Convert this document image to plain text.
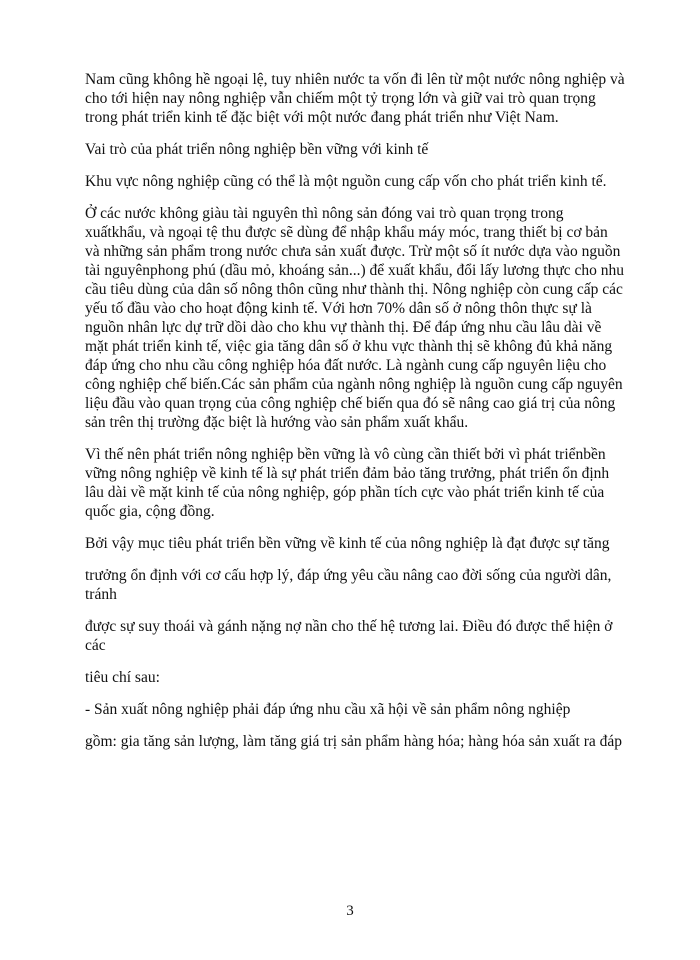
Nam cũng không hề ngoại lệ, tuy nhiên nước ta vốn đi lên từ một nước nông nghiệp và cho tới hiện nay nông nghiệp vẫn chiếm một tỷ trọng lớn và giữ vai trò quan trọng trong phát triển kinh tế đặc biệt với một nước đang phát triển như Việt Nam.

Vai trò của phát triển nông nghiệp bền vững với kinh tế

Khu vực nông nghiệp cũng có thể là một nguồn cung cấp vốn cho phát triển kinh tế.

Ở các nước không giàu tài nguyên thì nông sản đóng vai trò quan trọng trong xuấtkhẩu, và ngoại tệ thu được sẽ dùng để nhập khẩu máy móc, trang thiết bị cơ bản và những sản phẩm trong nước chưa sản xuất được. Trừ một số ít nước dựa vào nguồn tài nguyênphong phú (dầu mỏ, khoáng sản...) để xuất khẩu, đổi lấy lương thực cho nhu cầu tiêu dùng của dân số nông thôn cũng như thành thị. Nông nghiệp còn cung cấp các yếu tố đầu vào cho hoạt động kinh tế. Với hơn 70% dân số ở nông thôn thực sự là nguồn nhân lực dự trữ dồi dào cho khu vự thành thị. Để đáp ứng nhu cầu lâu dài về mặt phát triển kinh tế, việc gia tăng dân số ở khu vực thành thị sẽ không đủ khả năng đáp ứng cho nhu cầu công nghiệp hóa đất nước. Là ngành cung cấp nguyên liệu cho công nghiệp chế biến.Các sản phẩm của ngành nông nghiệp là nguồn cung cấp nguyên liệu đầu vào quan trọng của công nghiệp chế biến qua đó sẽ nâng cao giá trị của nông sản trên thị trường đặc biệt là hướng vào sản phẩm xuất khẩu.

Vì thế nên phát triển nông nghiệp bền vững là vô cùng cần thiết bởi vì phát triểnbền vững nông nghiệp về kinh tế là sự phát triển đảm bảo tăng trưởng, phát triển ổn định lâu dài về mặt kinh tế của nông nghiệp, góp phần tích cực vào phát triển kinh tế của quốc gia, cộng đồng.

Bởi vậy mục tiêu phát triển bền vững về kinh tế của nông nghiệp là đạt được sự tăng

trưởng ổn định với cơ cấu hợp lý, đáp ứng yêu cầu nâng cao đời sống của người dân, tránh

được sự suy thoái và gánh nặng nợ nần cho thế hệ tương lai. Điều đó được thể hiện ở các

tiêu chí sau:

- Sản xuất nông nghiệp phải đáp ứng nhu cầu xã hội về sản phẩm nông nghiệp

gồm: gia tăng sản lượng, làm tăng giá trị sản phẩm hàng hóa; hàng hóa sản xuất ra đáp

3
